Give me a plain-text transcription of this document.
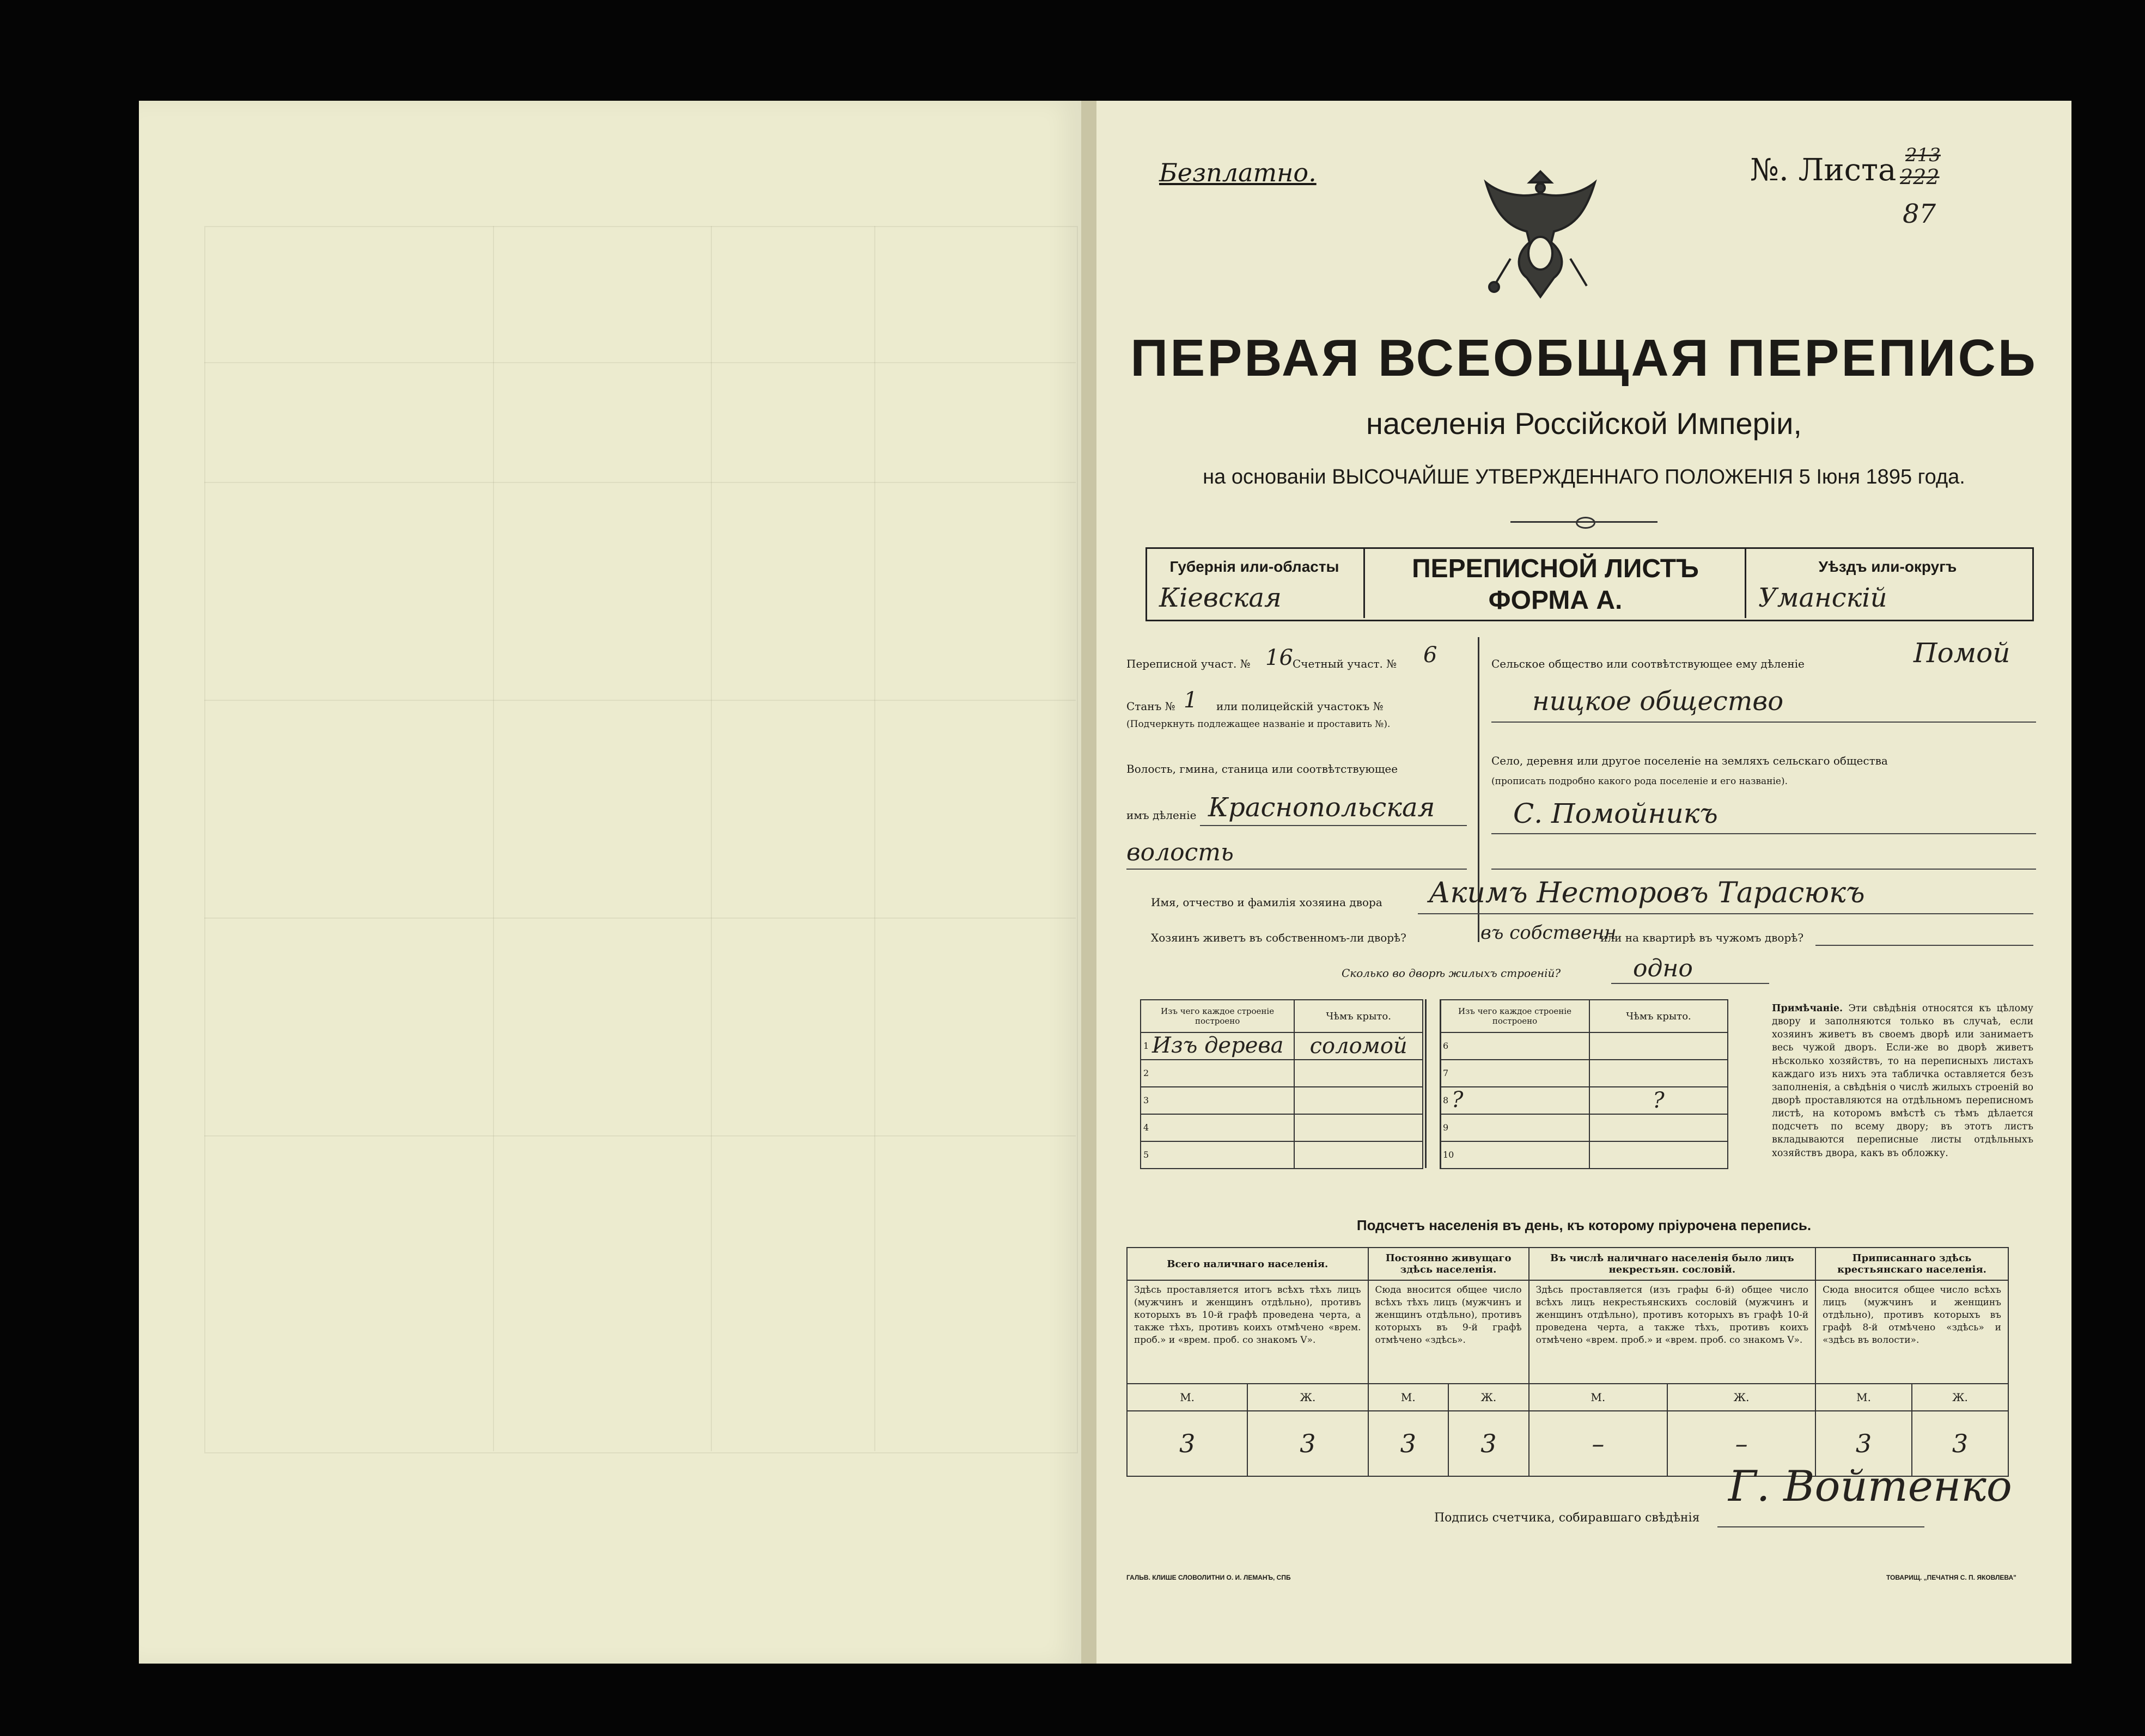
Безплатно.	№. Листа 213
222
87
ПЕРВАЯ ВСЕОБЩАЯ ПЕРЕПИСЬ
населенія Россійской Имперіи,
на основаніи ВЫСОЧАЙШЕ УТВЕРЖДЕННАГО ПОЛОЖЕНІЯ 5 Іюня 1895 года.
Губернія или-областы
Кіевская
ПЕРЕПИСНОЙ ЛИСТЪ
ФОРМА А.
Уѣздъ или-округъ
Уманскій
Переписной участ. № 16 Счетный участ. № 6
Станъ № 1 или полицейскій участокъ №
(Подчеркнуть подлежащее названіе и проставить №).
Волость, гмина, станица или соотвѣтствующее
имъ дѣленіе Краснопольская
волость
Сельское общество или соотвѣтствующее ему дѣленіе	Помой
ницкое общество
Село, деревня или другое поселеніе на земляхъ сельскаго общества
(прописать подробно какого рода поселеніе и его названіе).
С. Помойникъ
Имя, отчество и фамилія хозяина двора Акимъ Несторовъ Тарасюкъ
Хозяинъ живетъ въ собственномъ-ли дворѣ?	въ собственн
или на квартирѣ въ чужомъ дворѣ?
Сколько во дворѣ жилыхъ строеній?	одно
Изъ чего каждое строеніе построено	Чѣмъ крыто.

1 Изъ дерева	соломой

2	

3	

4	

5	

Изъ чего каждое строеніе построено	Чѣмъ крыто.

6	

7	

8 ?	?

9	

10	

Примѣчаніе. Эти свѣдѣнія относятся къ цѣлому двору и заполняются только въ случаѣ, если хозяинъ живетъ въ своемъ дворѣ или занимаетъ весь чужой дворъ. Если-же во дворѣ живетъ нѣсколько хозяйствъ, то на переписныхъ листахъ каждаго изъ нихъ эта табличка оставляется безъ заполненія, а свѣдѣнія о числѣ жилыхъ строеній во дворѣ проставляются на отдѣльномъ переписномъ листѣ, на которомъ вмѣстѣ съ тѣмъ дѣлается подсчетъ по всему двору; въ этотъ листъ вкладываются переписные листы отдѣльныхъ хозяйствъ двора, какъ въ обложку.
Подсчетъ населенія въ день, къ которому пріурочена перепись.
Всего наличнаго населенія.		Постоянно живущаго здѣсь населенія.		Въ числѣ наличнаго населенія было лицъ некрестьян. сословій.		Приписаннаго здѣсь крестьянскаго населенія.	
Здѣсь проставляется итогъ всѣхъ тѣхъ лицъ (мужчинъ и женщинъ отдѣльно), противъ которыхъ въ 10-й графѣ проведена черта, а также тѣхъ, противъ коихъ отмѣчено «врем. проб.» и «врем. проб. со знакомъ V».		Сюда вносится общее число всѣхъ тѣхъ лицъ (мужчинъ и женщинъ отдѣльно), противъ которыхъ въ 9-й графѣ отмѣчено «здѣсь».		Здѣсь проставляется (изъ графы 6-й) общее число всѣхъ лицъ некрестьянскихъ сословій (мужчинъ и женщинъ отдѣльно), противъ которыхъ въ графѣ 10-й проведена черта, а также тѣхъ, противъ коихъ отмѣчено «врем. проб.» и «врем. проб. со знакомъ V».		Сюда вносится общее число всѣхъ лицъ (мужчинъ и женщинъ отдѣльно), противъ которыхъ въ графѣ 8-й отмѣчено «здѣсь» и «здѣсь въ волости».	
М.	Ж.	М.	Ж.	М.	Ж.	М.	Ж.
3	3	3	3	–	–	3	3
Подпись счетчика, собиравшаго свѣдѣнія
Г. Войтенко
ГАЛЬВ. КЛИШЕ СЛОВОЛИТНИ О. И. ЛЕМАНЪ, СПБ	ТОВАРИЩ. „ПЕЧАТНЯ С. П. ЯКОВЛЕВА"
